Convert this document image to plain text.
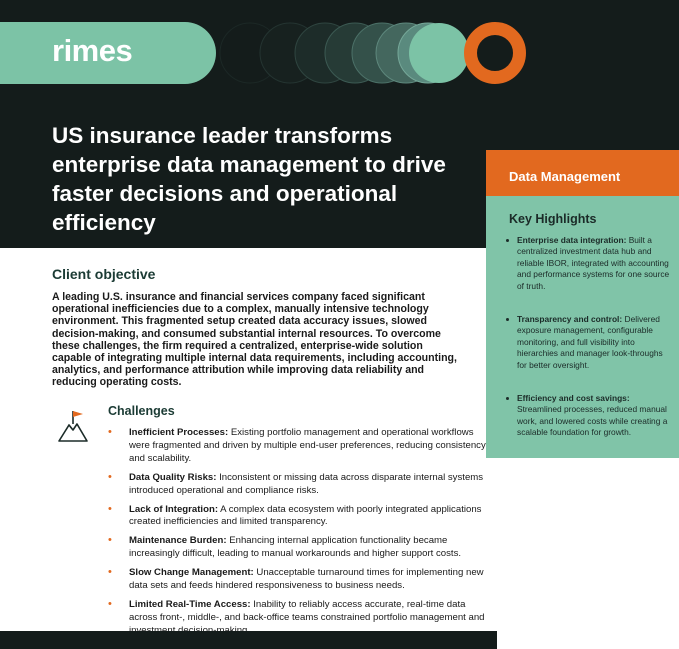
rimes
US insurance leader transforms enterprise data management to drive faster decisions and operational efficiency
Data Management
Key Highlights
Enterprise data integration: Built a centralized investment data hub and reliable IBOR, integrated with accounting and performance systems for one source of truth.
Transparency and control: Delivered exposure management, configurable monitoring, and full visibility into hierarchies and manager look-throughs for better oversight.
Efficiency and cost savings: Streamlined processes, reduced manual work, and lowered costs while creating a scalable foundation for growth.
Client objective

A leading U.S. insurance and financial services company faced significant operational inefficiencies due to a complex, manually intensive technology environment. This fragmented setup created data accuracy issues, slowed decision-making, and consumed substantial internal resources. To overcome these challenges, the firm required a centralized, enterprise-wide solution capable of integrating multiple internal data requirements, including accounting, analytics, and performance attribution while improving data reliability and reducing operating costs.

Challenges
• Inefficient Processes: Existing portfolio management and operational workflows were fragmented and driven by multiple end-user preferences, reducing consistency and scalability.
• Data Quality Risks: Inconsistent or missing data across disparate internal systems introduced operational and compliance risks.
• Lack of Integration: A complex data ecosystem with poorly integrated applications created inefficiencies and limited transparency.
• Maintenance Burden: Enhancing internal application functionality became increasingly difficult, leading to manual workarounds and higher support costs.
• Slow Change Management: Unacceptable turnaround times for implementing new data sets and feeds hindered responsiveness to business needs.
• Limited Real-Time Access: Inability to reliably access accurate, real-time data across front-, middle-, and back-office teams constrained portfolio management and
